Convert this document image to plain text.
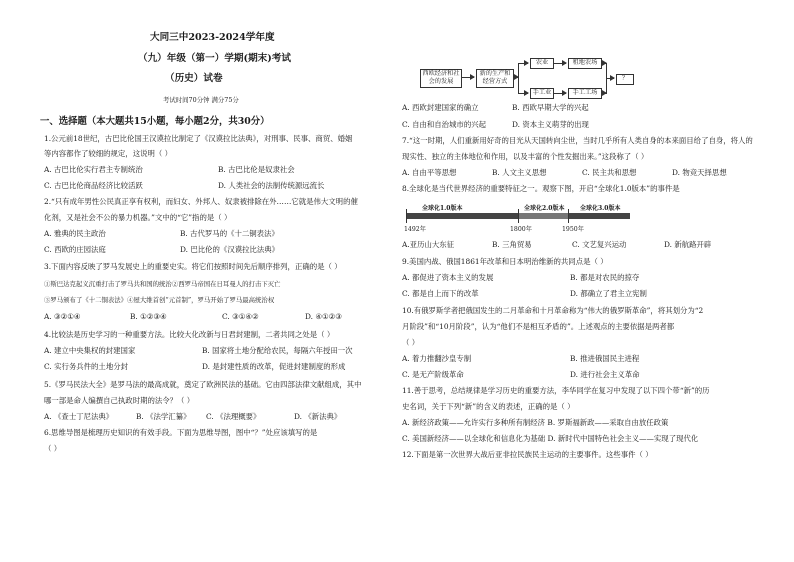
大同三中2023-2024学年度
（九）年级（第一）学期(期末)考试
（历史）试卷
考试时间70分钟 满分75分
一、选择题（本大题共15小题，每小题2分，共30分）
1.公元前18世纪，古巴比伦国王汉谟拉比制定了《汉谟拉比法典》，对刑事、民事、商贸、婚姻
等内容都作了较细的规定，这说明（ ）
A. 古巴比伦实行君主专制统治	B. 古巴比伦是奴隶社会
C. 古巴比伦商品经济比较活跃	D. 人类社会的法制传统源远流长
2.“只有成年男性公民真正享有权利，而妇女、外邦人、奴隶被排除在外……它就是伟大文明的催
化剂，又是社会不公的暴力机器。”文中的“它”指的是（ ）
A. 雅典的民主政治	B. 古代罗马的《十二铜表法》
C. 西欧的庄园法庭	D. 巴比伦的《汉谟拉比法典》
3.下面内容反映了罗马发展史上的重要史实。将它们按照时间先后顺序排列，正确的是（ ）
①斯巴达克起义沉重打击了罗马共和国的统治②西罗马帝国在日耳曼人的打击下灭亡
③罗马颁布了《十二铜表法》④屋大维首创“元首制”，罗马开始了罗马最高统治权
A. ③②①④	B. ①②③④	C. ③①④②	D. ④①②③
4.比较法是历史学习的一种重要方法。比较大化改新与日君封建制，二者共同之处是（ ）
A. 建立中央集权的封建国家	B. 国家将土地分配给农民，每隔六年授田一次
C. 实行务兵件的土地分封	D. 是封建性质的改革，促进封建制度的形成
5.《罗马民法大全》是罗马法的最高成就，奠定了欧洲民法的基础。它由四部法律文献组成，其中
哪一部是命人编撰自己执政时期的法令？（ ）
A. 《查士丁尼法典》	B. 《法学汇纂》 C. 《法理概要》	D. 《新法典》
6.思维导图是梳理历史知识的有效手段。下面为思维导图，图中“？”处应该填写的是
（ ）
西欧经济和社会的发展
新的生产和经营方式
农业
手工业
租地农场
手工工场
？
A. 西欧封建国家的确立	B. 西欧早期大学的兴起
C. 自由和自治城市的兴起	D. 资本主义萌芽的出现
7.“这一时期，人们重新用好奇的目光从天国转向尘世，当时几乎所有人类自身的本来面目给了自身，将人的
现实性、独立的主体地位和作用，以及丰富的个性发掘出来。”这段称了（ ）
A. 自由平等思想	B. 人文主义思想	C. 民主共和思想	D. 物竞天择思想
8.全球化是当代世界经济的重要特征之一。观察下图，开启“全球化1.0版本”的事件是
全球化1.0版本	全球化2.0版本	全球化3.0版本
1492年	1800年	1950年
A.亚历山大东征	B. 三角贸易	C. 文艺复兴运动	D. 新航路开辟
9.美国内战、俄国1861年改革和日本明治维新的共同点是（ ）
A. 都促进了资本主义的发展	B. 都是对农民的掠夺
C. 都是自上而下的改革	D. 都确立了君主立宪制
10.有俄罗斯学者把俄国发生的二月革命和十月革命称为“伟大的俄罗斯革命”，将其划分为“2
月阶段”和“10月阶段”，认为“他们不是相互矛盾的”。上述观点的主要依据是两者都
（ ）
A. 着力推翻沙皇专制	B. 推进俄国民主进程
C. 是无产阶级革命	D. 进行社会主义革命
11.善于思考，总结规律是学习历史的重要方法，李华同学在复习中发现了以下四个带“新”的历
史名词，关于下列“新”的含义的表述，正确的是（ ）
A. 新经济政策——允许实行多种所有制经济 B. 罗斯福新政——采取自由放任政策
C. 美国新经济——以全球化和信息化为基础 D. 新时代中国特色社会主义——实现了现代化
12.下面是第一次世界大战后亚非拉民族民主运动的主要事件。这些事件（ ）
